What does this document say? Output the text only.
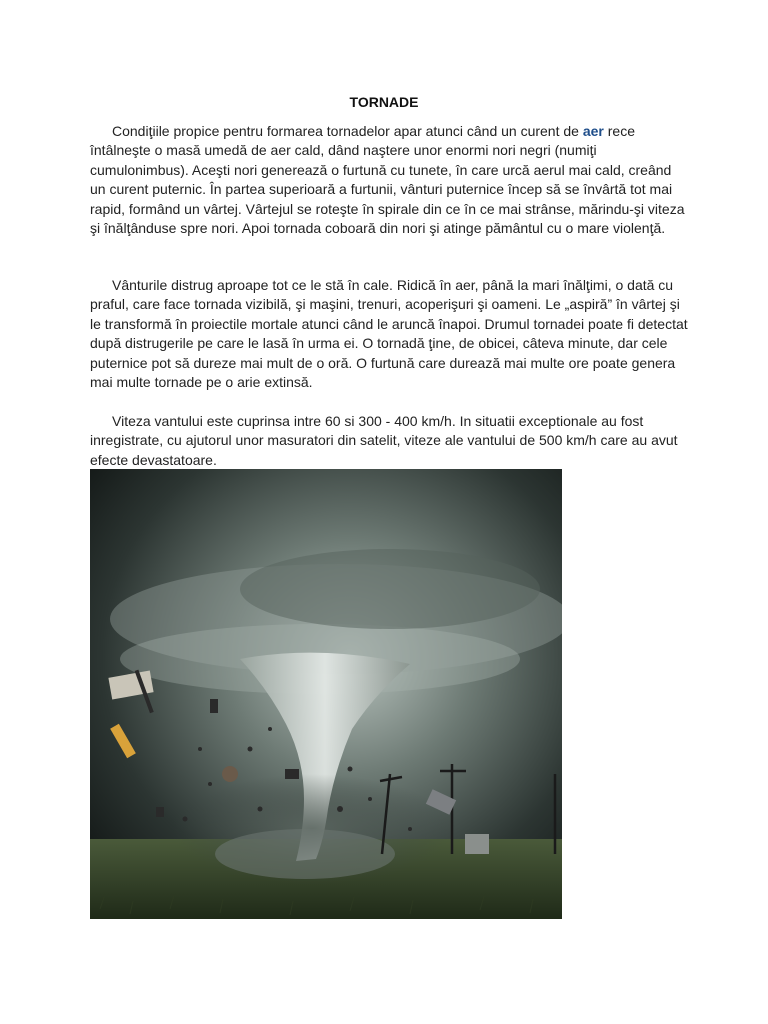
TORNADE

Condiţiile propice pentru formarea tornadelor apar atunci când un curent de aer rece întâlneşte o masă umedă de aer cald, dând naştere unor enormi nori negri (numiţi cumulonimbus). Aceşti nori generează o furtună cu tunete, în care urcă aerul mai cald, creând un curent puternic. În partea superioară a furtunii, vânturi puternice încep să se învârtă tot mai rapid, formând un vârtej. Vârtejul se roteşte în spirale din ce în ce mai strânse, mărindu-şi viteza şi înălţânduse spre nori. Apoi tornada coboară din nori şi atinge pământul cu o mare violenţă.

Vânturile distrug aproape tot ce le stă în cale. Ridică în aer, până la mari înălţimi, o dată cu praful, care face tornada vizibilă, şi maşini, trenuri, acoperişuri şi oameni. Le „aspiră” în vârtej şi le transformă în proiectile mortale atunci când le aruncă înapoi. Drumul tornadei poate fi detectat după distrugerile pe care le lasă în urma ei. O tornadă ţine, de obicei, câteva minute, dar cele puternice pot să dureze mai mult de o oră. O furtună care durează mai multe ore poate genera mai multe tornade pe o arie extinsă.

Viteza vantului este cuprinsa intre 60 si 300 - 400 km/h. In situatii exceptionale au fost inregistrate, cu ajutorul unor masuratori din satelit, viteze ale vantului de 500 km/h care au avut efecte devastatoare.
